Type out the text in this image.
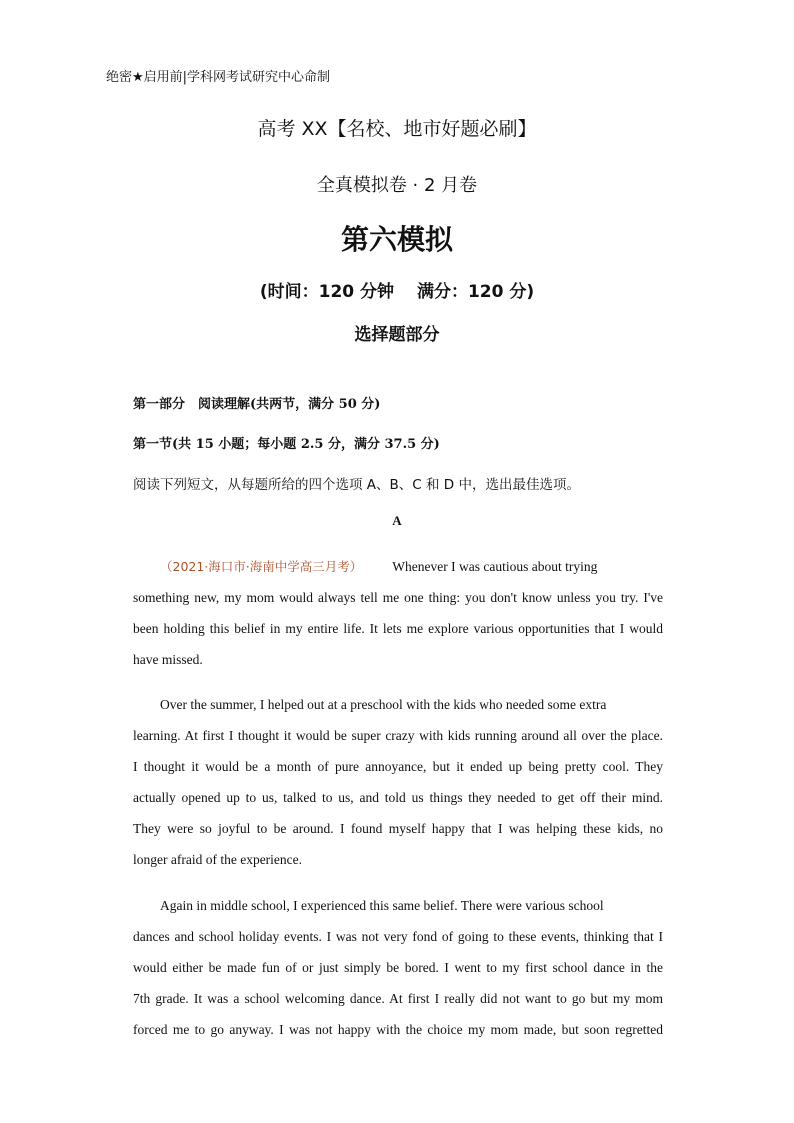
绝密★启用前|学科网考试研究中心命制
高考 XX【名校、地市好题必刷】
全真模拟卷 · 2 月卷
第六模拟
(时间：120 分钟　 满分：120 分)
选择题部分
第一部分　阅读理解(共两节，满分 50 分)
第一节(共 15 小题；每小题 2.5 分，满分 37.5 分)
阅读下列短文，从每题所给的四个选项 A、B、C 和 D 中，选出最佳选项。
A
（2021·海口市·海南中学高三月考） Whenever I was cautious about trying
something new, my mom would always tell me one thing: you don't know unless you try. I've
been holding this belief in my entire life. It lets me explore various opportunities that I would
have missed.
Over the summer, I helped out at a preschool with the kids who needed some extra
learning. At first I thought it would be super crazy with kids running around all over the place.
I thought it would be a month of pure annoyance, but it ended up being pretty cool. They
actually opened up to us, talked to us, and told us things they needed to get off their mind.
They were so joyful to be around. I found myself happy that I was helping these kids, no
longer afraid of the experience.
Again in middle school, I experienced this same belief. There were various school
dances and school holiday events. I was not very fond of going to these events, thinking that I
would either be made fun of or just simply be bored. I went to my first school dance in the
7th grade. It was a school welcoming dance. At first I really did not want to go but my mom
forced me to go anyway. I was not happy with the choice my mom made, but soon regretted
